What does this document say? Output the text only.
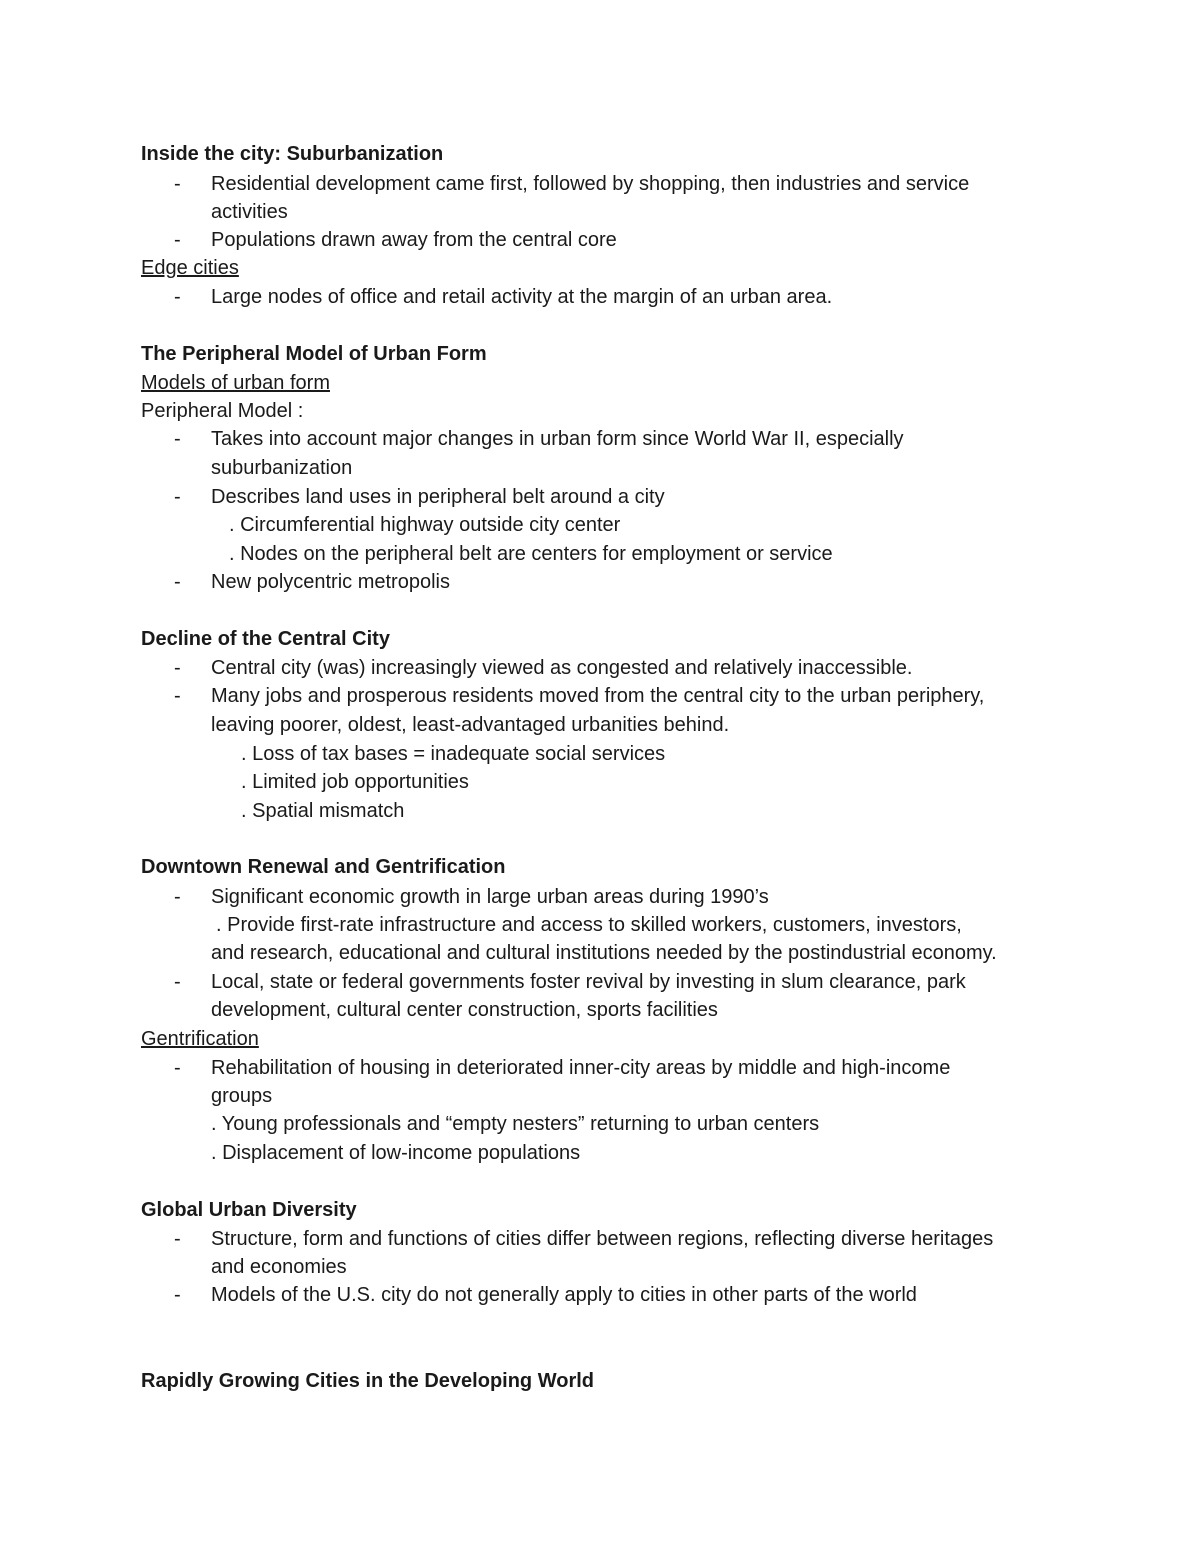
Inside the city: Suburbanization
- Residential development came first, followed by shopping, then industries and service
activities
- Populations drawn away from the central core
Edge cities
- Large nodes of office and retail activity at the margin of an urban area.
The Peripheral Model of Urban Form
Models of urban form
Peripheral Model :
- Takes into account major changes in urban form since World War II, especially
suburbanization
- Describes land uses in peripheral belt around a city
. Circumferential highway outside city center
. Nodes on the peripheral belt are centers for employment or service
- New polycentric metropolis
Decline of the Central City
- Central city (was) increasingly viewed as congested and relatively inaccessible.
- Many jobs and prosperous residents moved from the central city to the urban periphery,
leaving poorer, oldest, least-advantaged urbanities behind.
. Loss of tax bases = inadequate social services
. Limited job opportunities
. Spatial mismatch
Downtown Renewal and Gentrification
- Significant economic growth in large urban areas during 1990’s
. Provide first-rate infrastructure and access to skilled workers, customers, investors,
and research, educational and cultural institutions needed by the postindustrial economy.
- Local, state or federal governments foster revival by investing in slum clearance, park
development, cultural center construction, sports facilities
Gentrification
- Rehabilitation of housing in deteriorated inner-city areas by middle and high-income
groups
. Young professionals and “empty nesters” returning to urban centers
. Displacement of low-income populations
Global Urban Diversity
- Structure, form and functions of cities differ between regions, reflecting diverse heritages
and economies
- Models of the U.S. city do not generally apply to cities in other parts of the world
Rapidly Growing Cities in the Developing World
